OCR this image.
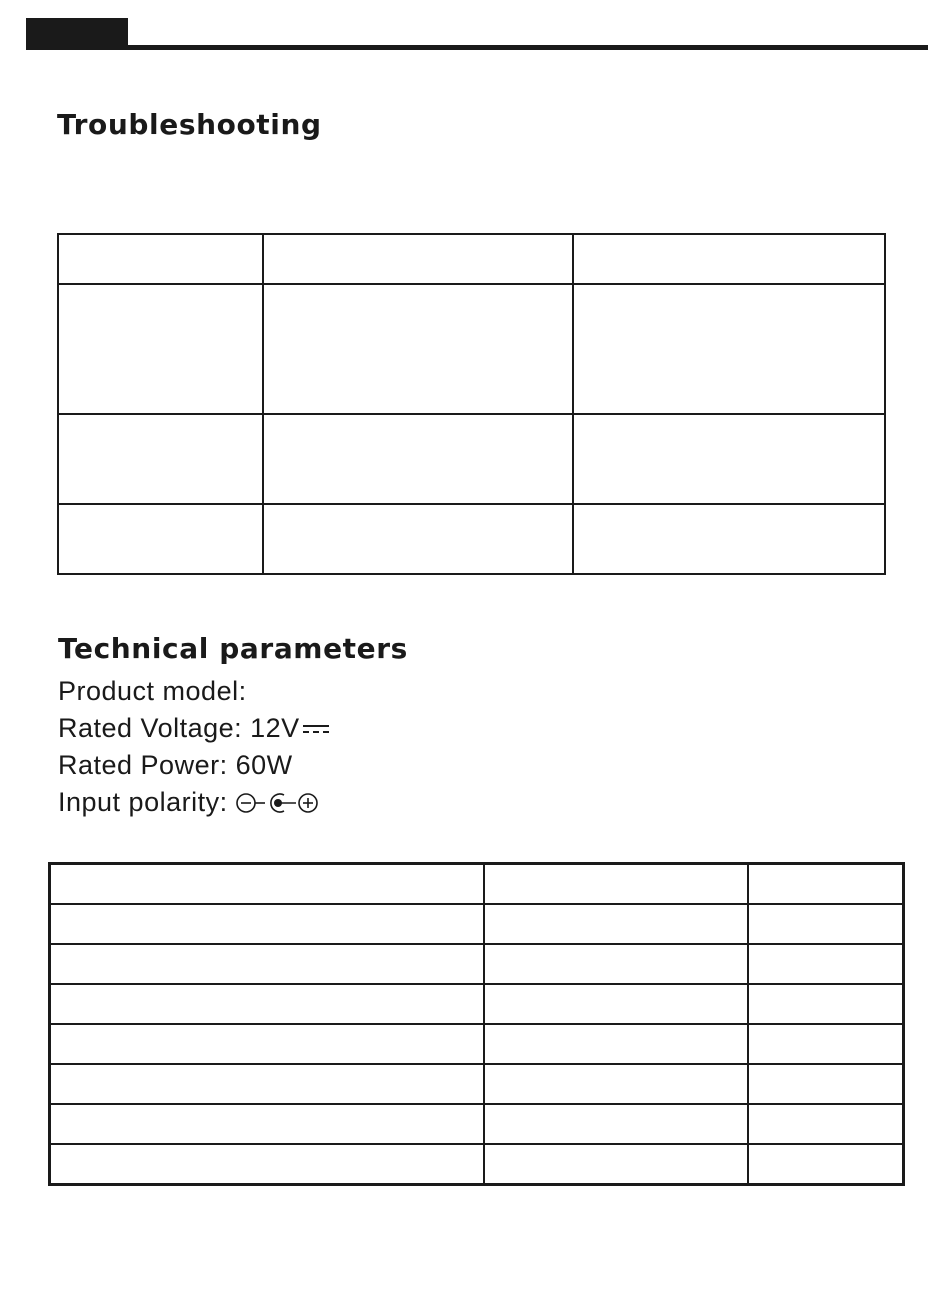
Troubleshooting

Technical parameters
Product model:
Rated Voltage: 12V
Rated Power: 60W
Input polarity:
